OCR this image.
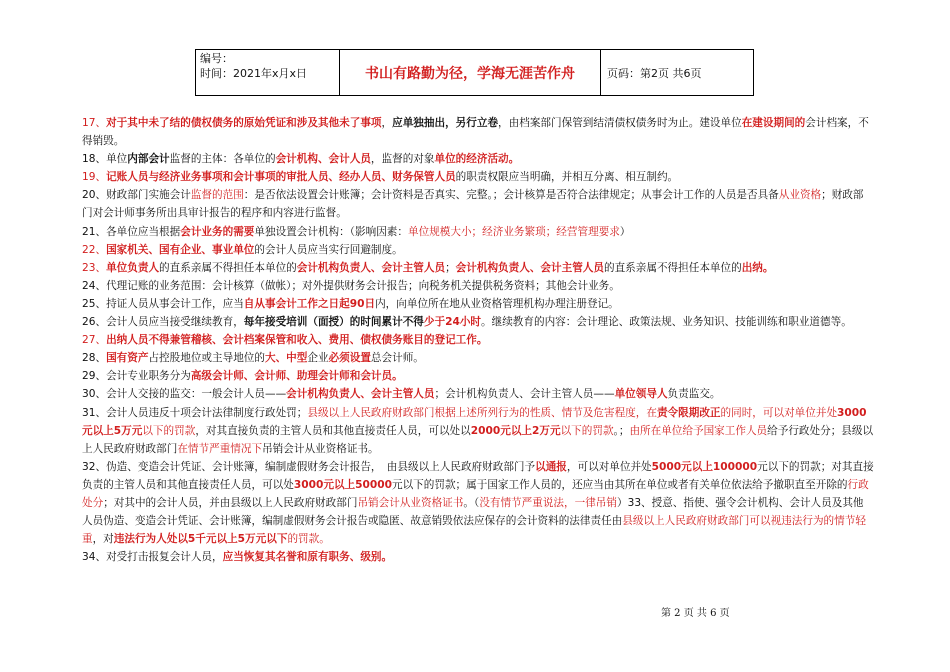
编号：
时间：2021年x月x日	书山有路勤为径，学海无涯苦作舟	页码：第2页 共6页

17、对于其中未了结的债权债务的原始凭证和涉及其他未了事项，应单独抽出，另行立卷，由档案部门保管到结清债权债务时为止。建设单位在建设期间的会计档案，不得销毁。

18、单位内部会计监督的主体：各单位的会计机构、会计人员，监督的对象单位的经济活动。

19、记账人员与经济业务事项和会计事项的审批人员、经办人员、财务保管人员的职责权限应当明确，并相互分离、相互制约。

20、财政部门实施会计监督的范围：是否依法设置会计账簿；会计资料是否真实、完整。；会计核算是否符合法律规定；从事会计工作的人员是否具备从业资格；财政部门对会计师事务所出具审计报告的程序和内容进行监督。

21、各单位应当根据会计业务的需要单独设置会计机构：（影响因素：单位规模大小；经济业务繁琐；经营管理要求）

22、国家机关、国有企业、事业单位的会计人员应当实行回避制度。

23、单位负责人的直系亲属不得担任本单位的会计机构负责人、会计主管人员；会计机构负责人、会计主管人员的直系亲属不得担任本单位的出纳。

24、代理记账的业务范围：会计核算（做帐）；对外提供财务会计报告；向税务机关提供税务资料；其他会计业务。

25、持证人员从事会计工作，应当自从事会计工作之日起90日内，向单位所在地从业资格管理机构办理注册登记。

26、会计人员应当接受继续教育，每年接受培训（面授）的时间累计不得少于24小时。继续教育的内容：会计理论、政策法规、业务知识、技能训练和职业道德等。

27、出纳人员不得兼管稽核、会计档案保管和收入、费用、债权债务账目的登记工作。

28、国有资产占控股地位或主导地位的大、中型企业必须设置总会计师。

29、会计专业职务分为高级会计师、会计师、助理会计师和会计员。

30、会计人交接的监交：一般会计人员——会计机构负责人、会计主管人员；会计机构负责人、会计主管人员——单位领导人负责监交。

31、会计人员违反十项会计法律制度行政处罚；县级以上人民政府财政部门根据上述所列行为的性质、情节及危害程度，在责令限期改正的同时，可以对单位并处3000元以上5万元以下的罚款，对其直接负责的主管人员和其他直接责任人员，可以处以2000元以上2万元以下的罚款。；由所在单位给予国家工作人员给予行政处分；县级以上人民政府财政部门在情节严重情况下吊销会计从业资格证书。

32、伪造、变造会计凭证、会计账簿，编制虚假财务会计报告，　由县级以上人民政府财政部门予以通报，可以对单位并处5000元以上100000元以下的罚款；对其直接负责的主管人员和其他直接责任人员，可以处3000元以上50000元以下的罚款；属于国家工作人员的，还应当由其所在单位或者有关单位依法给予撤职直至开除的行政处分；对其中的会计人员，并由县级以上人民政府财政部门吊销会计从业资格证书。（没有情节严重说法，一律吊销）33、授意、指使、强令会计机构、会计人员及其他人员伪造、变造会计凭证、会计账簿，编制虚假财务会计报告或隐匿、故意销毁依法应保存的会计资料的法律责任由县级以上人民政府财政部门可以视违法行为的情节轻重，对违法行为人处以5千元以上5万元以下的罚款。

34、对受打击报复会计人员，应当恢复其名誉和原有职务、级别。

第 2 页 共 6 页
